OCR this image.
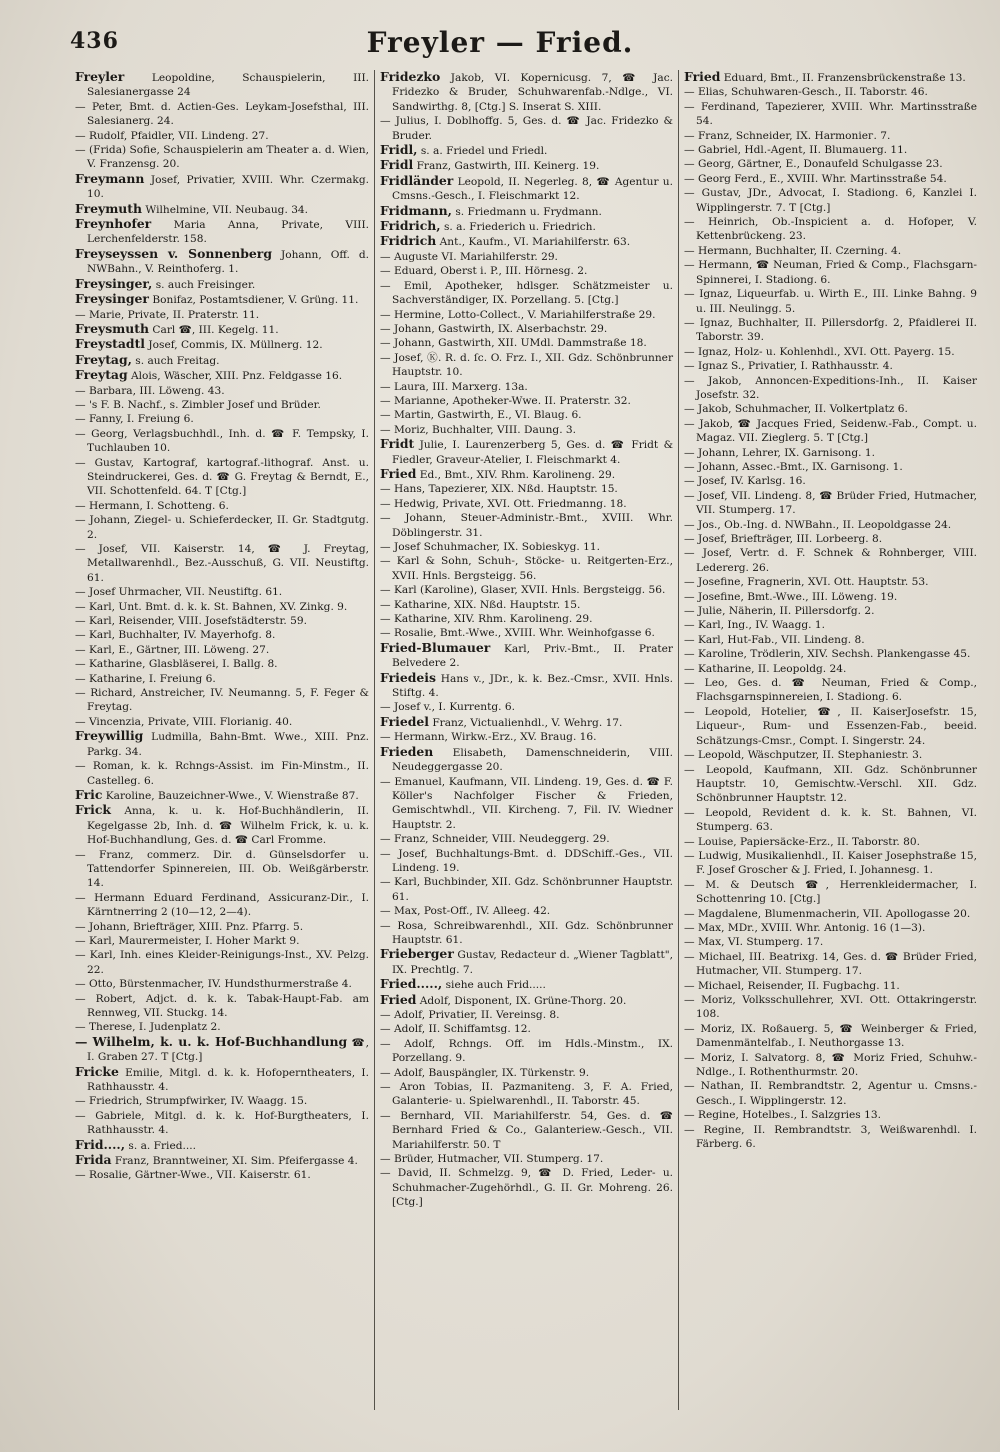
436	Freyler — Fried.

Freyler	Leopoldine, Schauspielerin, III. Salesianergasse 24

— Peter, Bmt. d. Actien-Ges. Leykam-Josefsthal, III. Salesianerg. 24.

— Rudolf, Pfaidler, VII. Lindeng. 27.

— (Frida) Sofie, Schauspielerin am Theater a. d. Wien, V. Franzensg. 20.

Freymann Josef, Privatier, XVIII. Whr. Czermakg. 10.

Freymuth Wilhelmine, VII. Neubaug. 34.

Freynhofer Maria Anna, Private, VIII. Lerchenfelderstr. 158.

Freyseyssen v. Sonnenberg Johann, Off. d. NWBahn., V. Reinthoferg. 1.

Freysinger, s. auch Freisinger.

Freysinger Bonifaz, Postamtsdiener, V. Grüng. 11.

— Marie, Private, II. Praterstr. 11.

Freysmuth Carl ☎, III. Kegelg. 11.

Freystadtl Josef, Commis, IX. Müllnerg. 12.

Freytag, s. auch Freitag.

Freytag Alois, Wäscher, XIII. Pnz. Feldgasse 16.

— Barbara, III. Löweng. 43.

— 's F. B. Nachf., s. Zimbler Josef und Brüder.

— Fanny, I. Freiung 6.

— Georg, Verlagsbuchhdl., Inh. d. ☎ F. Tempsky, I. Tuchlauben 10.

— Gustav, Kartograf, kartograf.-lithograf. Anst. u. Steindruckerei, Ges. d. ☎ G. Freytag & Berndt, E., VII. Schottenfeld. 64. T [Ctg.]

— Hermann, I. Schotteng. 6.

— Johann, Ziegel- u. Schieferdecker, II. Gr. Stadtgutg. 2.

— Josef, VII. Kaiserstr. 14, ☎ J. Freytag, Metallwarenhdl., Bez.-Ausschuß, G. VII. Neustiftg. 61.

— Josef Uhrmacher, VII. Neustiftg. 61.

— Karl, Unt. Bmt. d. k. k. St. Bahnen, XV. Zinkg. 9.

— Karl, Reisender, VIII. Josefstädterstr. 59.

— Karl, Buchhalter, IV. Mayerhofg. 8.

— Karl, E., Gärtner, III. Löweng. 27.

— Katharine, Glasbläserei, I. Ballg. 8.

— Katharine, I. Freiung 6.

— Richard, Anstreicher, IV. Neumanng. 5, F. Feger & Freytag.

— Vincenzia, Private, VIII. Florianig. 40.

Freywillig Ludmilla, Bahn-Bmt. Wwe., XIII. Pnz. Parkg. 34.

— Roman, k. k. Rchngs-Assist. im Fin-Minstm., II. Castelleg. 6.

Fric Karoline, Bauzeichner-Wwe., V. Wienstraße 87.

Frick Anna, k. u. k. Hof-Buchhändlerin, II. Kegelgasse 2b, Inh. d. ☎ Wilhelm Frick, k. u. k. Hof-Buchhandlung, Ges. d. ☎ Carl Fromme.

— Franz, commerz. Dir. d. Günselsdorfer u. Tattendorfer Spinnereien, III. Ob. Weißgärberstr. 14.

— Hermann Eduard Ferdinand, Assicuranz-Dir., I. Kärntnerring 2 (10—12, 2—4).

— Johann, Briefträger, XIII. Pnz. Pfarrg. 5.

— Karl, Maurermeister, I. Hoher Markt 9.

— Karl, Inh. eines Kleider-Reinigungs-Inst., XV. Pelzg. 22.

— Otto, Bürstenmacher, IV. Hundsthurmerstraße 4.

— Robert, Adjct. d. k. k. Tabak-Haupt-Fab. am Rennweg, VII. Stuckg. 14.

— Therese, I. Judenplatz 2.

— Wilhelm, k. u. k. Hof-Buchhandlung ☎, I. Graben 27. T [Ctg.]

Fricke Emilie, Mitgl. d. k. k. Hofoperntheaters, I. Rathhausstr. 4.

— Friedrich, Strumpfwirker, IV. Waagg. 15.

— Gabriele, Mitgl. d. k. k. Hof-Burgtheaters, I. Rathhausstr. 4.

Frid...., s. a. Fried....

Frida Franz, Branntweiner, XI. Sim. Pfeifergasse 4.

— Rosalie, Gärtner-Wwe., VII. Kaiserstr. 61.

Fridezko Jakob, VI. Kopernicusg. 7, ☎ Jac. Fridezko & Bruder, Schuhwarenfab.-Ndlge., VI. Sandwirthg. 8, [Ctg.] S. Inserat S. XIII.

— Julius, I. Doblhoffg. 5, Ges. d. ☎ Jac. Fridezko & Bruder.

Fridl, s. a. Friedel und Friedl.

Fridl Franz, Gastwirth, III. Keinerg. 19.

Fridländer Leopold, II. Negerleg. 8, ☎ Agentur u. Cmsns.-Gesch., I. Fleischmarkt 12.

Fridmann, s. Friedmann u. Frydmann.

Fridrich, s. a. Friederich u. Friedrich.

Fridrich Ant., Kaufm., VI. Mariahilferstr. 63.

— Auguste VI. Mariahilferstr. 29.

— Eduard, Oberst i. P., III. Hörnesg. 2.

— Emil, Apotheker, hdlsger. Schätzmeister u. Sachverständiger, IX. Porzellang. 5. [Ctg.]

— Hermine, Lotto-Collect., V. Mariahilferstraße 29.

— Johann, Gastwirth, IX. Alserbachstr. 29.

— Johann, Gastwirth, XII. UMdl. Dammstraße 18.

— Josef, Ⓚ. R. d. ſc. O. Frz. I., XII. Gdz. Schönbrunner Hauptstr. 10.

— Laura, III. Marxerg. 13a.

— Marianne, Apotheker-Wwe. II. Praterstr. 32.

— Martin, Gastwirth, E., VI. Blaug. 6.

— Moriz, Buchhalter, VIII. Daung. 3.

Fridt Julie, I. Laurenzerberg 5, Ges. d. ☎ Fridt & Fiedler, Graveur-Atelier, I. Fleischmarkt 4.

Fried Ed., Bmt., XIV. Rhm. Karolineng. 29.

— Hans, Tapezierer, XIX. Nßd. Hauptstr. 15.

— Hedwig, Private, XVI. Ott. Friedmanng. 18.

— Johann, Steuer-Administr.-Bmt., XVIII. Whr. Döblingerstr. 31.

— Josef Schuhmacher, IX. Sobieskyg. 11.

— Karl & Sohn, Schuh-, Stöcke- u. Reitgerten-Erz., XVII. Hnls. Bergsteigg. 56.

— Karl (Karoline), Glaser, XVII. Hnls. Bergsteigg. 56.

— Katharine, XIX. Nßd. Hauptstr. 15.

— Katharine, XIV. Rhm. Karolineng. 29.

— Rosalie, Bmt.-Wwe., XVIII. Whr. Weinhofgasse 6.

Fried-Blumauer Karl, Priv.-Bmt., II. Prater Belvedere 2.

Friedeis Hans v., JDr., k. k. Bez.-Cmsr., XVII. Hnls. Stiftg. 4.

— Josef v., I. Kurrentg. 6.

Friedel Franz, Victualienhdl., V. Wehrg. 17.

— Hermann, Wirkw.-Erz., XV. Braug. 16.

Frieden Elisabeth, Damenschneiderin, VIII. Neudeggergasse 20.

— Emanuel, Kaufmann, VII. Lindeng. 19, Ges. d. ☎ F. Köller's Nachfolger Fischer & Frieden, Gemischtwhdl., VII. Kircheng. 7, Fil. IV. Wiedner Hauptstr. 2.

— Franz, Schneider, VIII. Neudeggerg. 29.

— Josef, Buchhaltungs-Bmt. d. DDSchiff.-Ges., VII. Lindeng. 19.

— Karl, Buchbinder, XII. Gdz. Schönbrunner Hauptstr. 61.

— Max, Post-Off., IV. Alleeg. 42.

— Rosa, Schreibwarenhdl., XII. Gdz. Schönbrunner Hauptstr. 61.

Frieberger Gustav, Redacteur d. „Wiener Tagblatt", IX. Prechtlg. 7.

Fried....., siehe auch Frid.....

Fried Adolf, Disponent, IX. Grüne-Thorg. 20.

— Adolf, Privatier, II. Vereinsg. 8.

— Adolf, II. Schiffamtsg. 12.

— Adolf, Rchngs. Off. im Hdls.-Minstm., IX. Porzellang. 9.

— Adolf, Bauspängler, IX. Türkenstr. 9.

— Aron Tobias, II. Pazmaniteng. 3, F. A. Fried, Galanterie- u. Spielwarenhdl., II. Taborstr. 45.

— Bernhard, VII. Mariahilferstr. 54, Ges. d. ☎ Bernhard Fried & Co., Galanteriew.-Gesch., VII. Mariahilferstr. 50. T

— Brüder, Hutmacher, VII. Stumperg. 17.

— David, II. Schmelzg. 9, ☎ D. Fried, Leder- u. Schuhmacher-Zugehörhdl., G. II. Gr. Mohreng. 26. [Ctg.]

Fried Eduard, Bmt., II. Franzensbrückenstraße 13.

— Elias, Schuhwaren-Gesch., II. Taborstr. 46.

— Ferdinand, Tapezierer, XVIII. Whr. Martinsstraße 54.

— Franz, Schneider, IX. Harmoniег. 7.

— Gabriel, Hdl.-Agent, II. Blumauerg. 11.

— Georg, Gärtner, E., Donaufeld Schulgasse 23.

— Georg Ferd., E., XVIII. Whr. Martinsstraße 54.

— Gustav, JDr., Advocat, I. Stadiong. 6, Kanzlei I. Wipplingerstr. 7. T [Ctg.]

— Heinrich, Ob.-Inspicient a. d. Hofoper, V. Kettenbrückeng. 23.

— Hermann, Buchhalter, II. Czerning. 4.

— Hermann, ☎ Neuman, Fried & Comp., Flachsgarn-Spinnerei, I. Stadiong. 6.

— Ignaz, Liqueurfab. u. Wirth E., III. Linke Bahng. 9 u. III. Neulingg. 5.

— Ignaz, Buchhalter, II. Pillersdorfg. 2, Pfaidlerei II. Taborstr. 39.

— Ignaz, Holz- u. Kohlenhdl., XVI. Ott. Payerg. 15.

— Ignaz S., Privatier, I. Rathhausstr. 4.

— Jakob, Annoncen-Expeditions-Inh., II. Kaiser Josefstr. 32.

— Jakob, Schuhmacher, II. Volkertplatz 6.

— Jakob, ☎ Jacques Fried, Seidenw.-Fab., Compt. u. Magaz. VII. Zieglerg. 5. T [Ctg.]

— Johann, Lehrer, IX. Garnisong. 1.

— Johann, Assec.-Bmt., IX. Garnisong. 1.

— Josef, IV. Karlsg. 16.

— Josef, VII. Lindeng. 8, ☎ Brüder Fried, Hutmacher, VII. Stumperg. 17.

— Jos., Ob.-Ing. d. NWBahn., II. Leopoldgasse 24.

— Josef, Briefträger, III. Lorbeerg. 8.

— Josef, Vertr. d. F. Schnek & Rohnberger, VIII. Ledererg. 26.

— Josefine, Fragnerin, XVI. Ott. Hauptstr. 53.

— Josefine, Bmt.-Wwe., III. Löweng. 19.

— Julie, Näherin, II. Pillersdorfg. 2.

— Karl, Ing., IV. Waagg. 1.

— Karl, Hut-Fab., VII. Lindeng. 8.

— Karoline, Trödlerin, XIV. Sechsh. Plankengasse 45.

— Katharine, II. Leopoldg. 24.

— Leo, Ges. d. ☎ Neuman, Fried & Comp., Flachsgarnspinnereien, I. Stadiong. 6.

— Leopold, Hotelier, ☎, II. KaiserJosefstr. 15, Liqueur-, Rum- und Essenzen-Fab., beeid. Schätzungs-Cmsr., Compt. I. Singerstr. 24.

— Leopold, Wäschputzer, II. Stephaniestr. 3.

— Leopold, Kaufmann, XII. Gdz. Schönbrunner Hauptstr. 10, Gemischtw.-Verschl. XII. Gdz. Schönbrunner Hauptstr. 12.

— Leopold, Revident d. k. k. St. Bahnen, VI. Stumperg. 63.

— Louise, Papiersäcke-Erz., II. Taborstr. 80.

— Ludwig, Musikalienhdl., II. Kaiser Josephstraße 15, F. Josef Groscher & J. Fried, I. Johannesg. 1.

— M. & Deutsch ☎, Herrenkleidermacher, I. Schottenring 10. [Ctg.]

— Magdalene, Blumenmacherin, VII. Apollogasse 20.

— Max, MDr., XVIII. Whr. Antonig. 16 (1—3).

— Max, VI. Stumperg. 17.

— Michael, III. Beatrixg. 14, Ges. d. ☎ Brüder Fried, Hutmacher, VII. Stumperg. 17.

— Michael, Reisender, II. Fugbachg. 11.

— Moriz, Volksschullehrer, XVI. Ott. Ottakringerstr. 108.

— Moriz, IX. Roßauerg. 5, ☎ Weinberger & Fried, Damenmäntelfab., I. Neuthorgasse 13.

— Moriz, I. Salvatorg. 8, ☎ Moriz Fried, Schuhw.-Ndlge., I. Rothenthurmstr. 20.

— Nathan, II. Rembrandtstr. 2, Agentur u. Cmsns.-Gesch., I. Wipplingerstr. 12.

— Regine, Hotelbes., I. Salzgries 13.

— Regine, II. Rembrandtstr. 3, Weißwarenhdl. I. Färberg. 6.
